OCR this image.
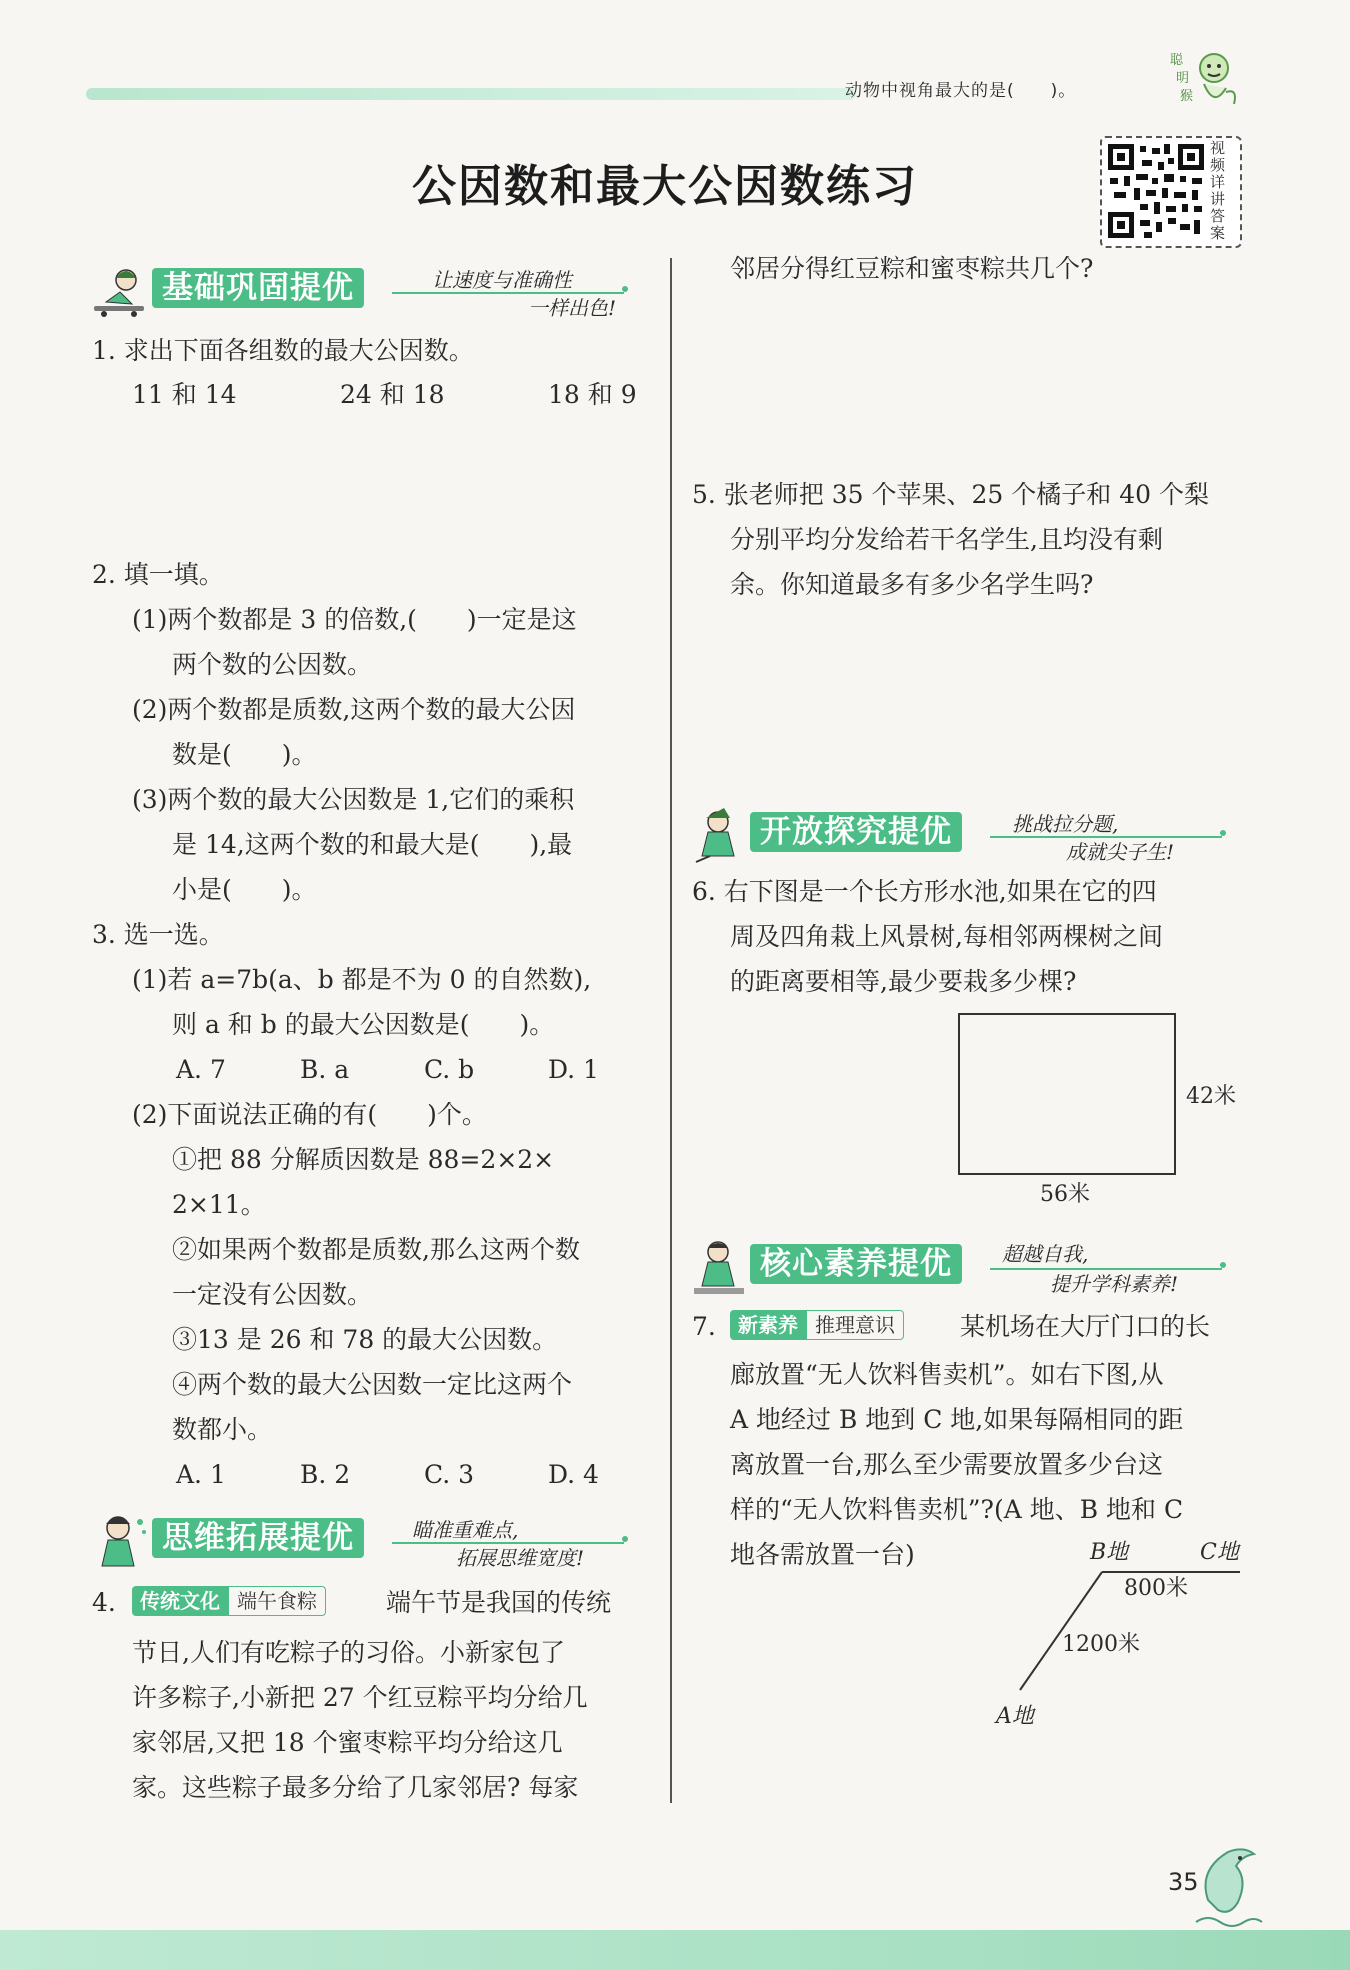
动物中视角最大的是(　　)。
聪
明
猴
公因数和最大公因数练习
视频详讲答案
基础巩固提优	让速度与准确性
一样出色!
1. 求出下面各组数的最大公因数。
11 和 14	24 和 18	18 和 9
2. 填一填。
(1)两个数都是 3 的倍数,(　　)一定是这
两个数的公因数。
(2)两个数都是质数,这两个数的最大公因
数是(　　)。
(3)两个数的最大公因数是 1,它们的乘积
是 14,这两个数的和最大是(　　),最
小是(　　)。
3. 选一选。
(1)若 a=7b(a、b 都是不为 0 的自然数),
则 a 和 b 的最大公因数是(　　)。
A. 7	B. a	C. b	D. 1
(2)下面说法正确的有(　　)个。
①把 88 分解质因数是 88=2×2×
2×11。
②如果两个数都是质数,那么这两个数
一定没有公因数。
③13 是 26 和 78 的最大公因数。
④两个数的最大公因数一定比这两个
数都小。
A. 1	B. 2	C. 3	D. 4
思维拓展提优	瞄准重难点,
拓展思维宽度!
4.	传统文化 端午食粽	端午节是我国的传统
节日,人们有吃粽子的习俗。小新家包了
许多粽子,小新把 27 个红豆粽平均分给几
家邻居,又把 18 个蜜枣粽平均分给这几
家。这些粽子最多分给了几家邻居? 每家
邻居分得红豆粽和蜜枣粽共几个?
5. 张老师把 35 个苹果、25 个橘子和 40 个梨
分别平均分发给若干名学生,且均没有剩
余。你知道最多有多少名学生吗?
开放探究提优	挑战拉分题,
成就尖子生!
6. 右下图是一个长方形水池,如果在它的四
周及四角栽上风景树,每相邻两棵树之间
的距离要相等,最少要栽多少棵?
42米
56米
核心素养提优	超越自我,
提升学科素养!
7.	新素养 推理意识	某机场在大厅门口的长
廊放置“无人饮料售卖机”。如右下图,从
A 地经过 B 地到 C 地,如果每隔相同的距
离放置一台,那么至少需要放置多少台这
样的“无人饮料售卖机”?(A 地、B 地和 C
地各需放置一台)	B地	C地
800米
1200米
A地
35
